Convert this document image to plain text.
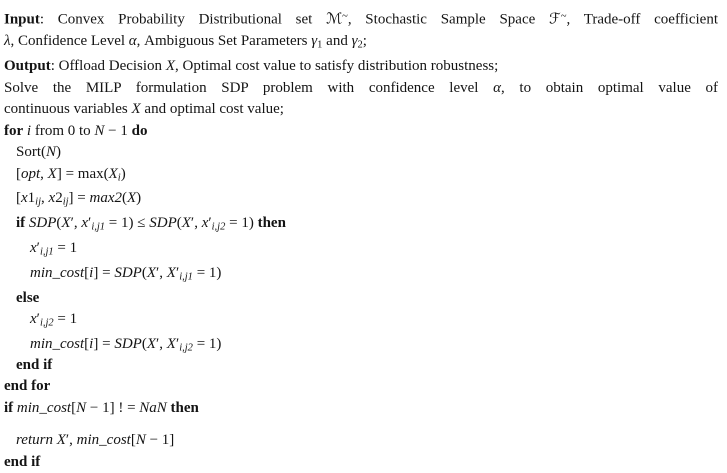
Input: Convex Probability Distributional set ℳ~, Stochastic Sample Space ℱ~, Trade-off coefficient
λ, Confidence Level α, Ambiguous Set Parameters $\gamma_1$ and $\gamma_2$;
Output: Offload Decision X, Optimal cost value to satisfy distribution robustness;
Solve the MILP formulation SDP problem with confidence level α, to obtain optimal value of
continuous variables X and optimal cost value;
for i from 0 to N − 1 do
Sort(N)
[opt, $X] = \max(X_i)$
[$x1_{ij}$, $x2_{ij}] = \max 2(X)$
if SDP(X′, $x'_{i,j1} = 1) \le SDP(X'$, $x'_{i,j2} = 1$) then
$x'_{i,j1} = 1$
min_cost[i] = SDP(X′, $X'_{i,j1} = 1$)
else
$x'_{i,j2} = 1$
min_cost[i] = SDP(X′, $X'_{i,j2} = 1$)
end if
end for
if min_cost[N − 1] ! = NaN then
return X′, min_cost[N − 1]
end if
